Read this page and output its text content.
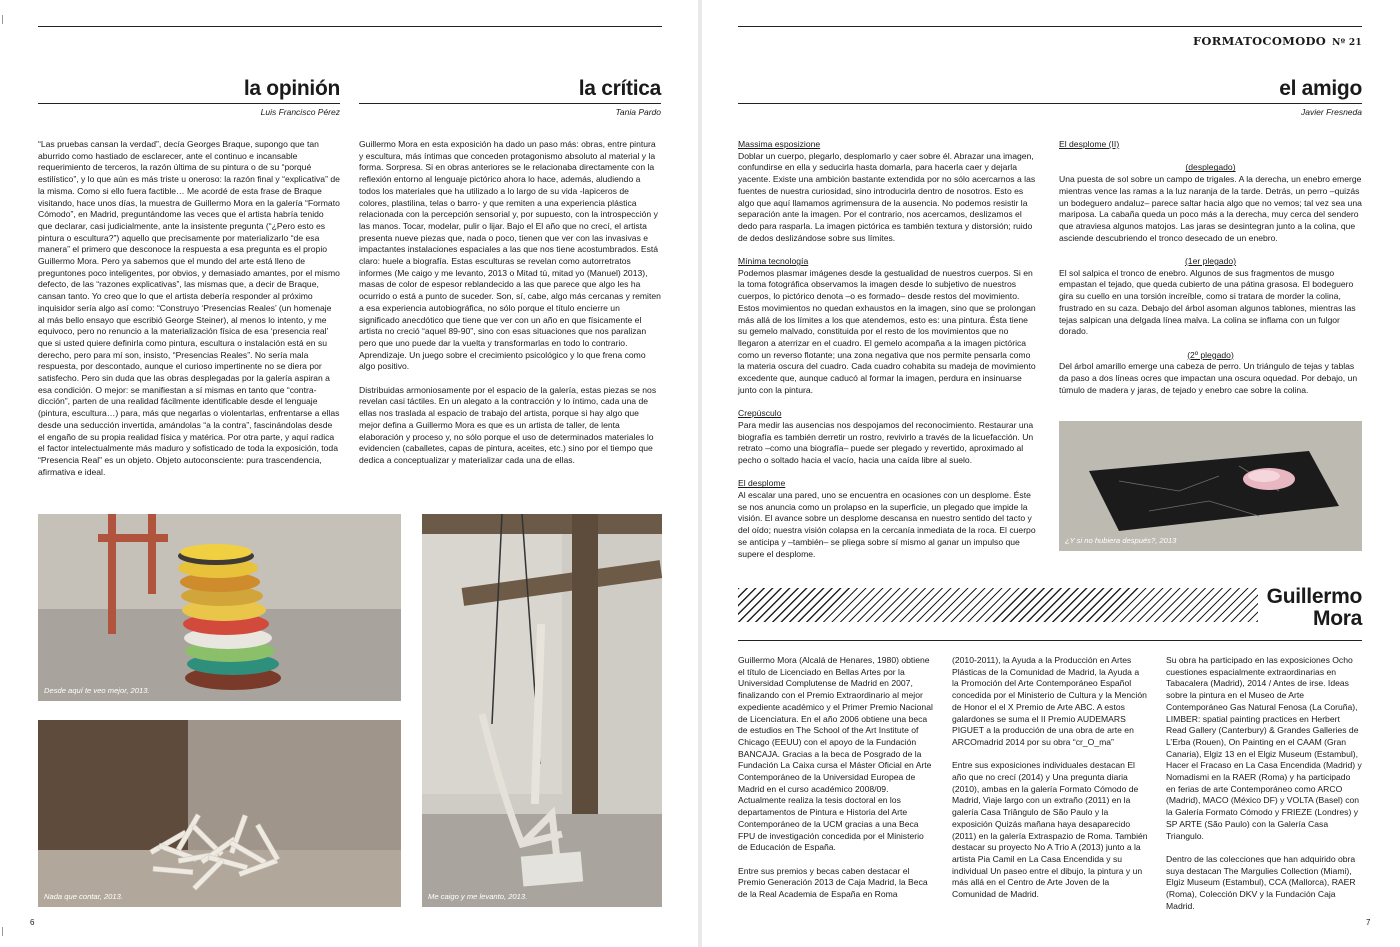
la opinión
Luis Francisco Pérez

“Las pruebas cansan la verdad”, decía Georges Braque, supongo que tan aburrido como hastiado de esclarecer, ante el continuo e incansable requerimiento de terceros, la razón última de su pintura o de su “porqué estilístico”, y lo que aún es más triste u oneroso: la razón final y “explicativa” de la misma. Como si ello fuera factible… Me acordé de esta frase de Braque visitando, hace unos días, la muestra de Guillermo Mora en la galería “Formato Cómodo”, en Madrid, preguntándome las veces que el artista habría tenido que declarar, casi judicialmente, ante la insistente pregunta (“¿Pero esto es pintura o escultura?”) aquello que precisamente por materializarlo “de esa manera” el primero que desconoce la respuesta a esa pregunta es el propio Guillermo Mora. Pero ya sabemos que el mundo del arte está lleno de preguntones poco inteligentes, por obvios, y demasiado amantes, por el mismo defecto, de las “razones explicativas”, las mismas que, a decir de Braque, cansan tanto. Yo creo que lo que el artista debería responder al próximo inquisidor sería algo así como: “Construyo ‘Presencias Reales’ (un homenaje al más bello ensayo que escribió George Steiner), al menos lo intento, y me equivoco, pero no renuncio a la materialización física de esa ‘presencia real’ que si usted quiere definirla como pintura, escultura o instalación está en su derecho, pero para mí son, insisto, “Presencias Reales”. No sería mala respuesta, por descontado, aunque el curioso impertinente no se diera por satisfecho. Pero sin duda que las obras desplegadas por la galería aspiran a esa condición. O mejor: se manifiestan a sí mismas en tanto que “contra-dicción”, parten de una realidad fácilmente identificable desde el lenguaje (pintura, escultura…) para, más que negarlas o violentarlas, enfrentarse a ellas desde una seducción invertida, amándolas “a la contra”, fascinándolas desde el engaño de su propia realidad física y matérica. Por otra parte, y aquí radica el factor intelectualmente más maduro y sofisticado de toda la exposición, toda “Presencia Real” es un objeto. Objeto autoconsciente: pura trascendencia, afirmativa e ideal.

la crítica
Tania Pardo

Guillermo Mora en esta exposición ha dado un paso más: obras, entre pintura y escultura, más íntimas que conceden protagonismo absoluto al material y la forma. Sorpresa. Si en obras anteriores se le relacionaba directamente con la reflexión entorno al lenguaje pictórico ahora lo hace, además, aludiendo a todos los materiales que ha utilizado a lo largo de su vida -lapiceros de colores, plastilina, telas o barro- y que remiten a una experiencia plástica relacionada con la percepción sensorial y, por supuesto, con la introspección y las manos. Tocar, modelar, pulir o lijar. Bajo el El año que no crecí, el artista presenta nueve piezas que, nada o poco, tienen que ver con las invasivas e impactantes instalaciones espaciales a las que nos tiene acostumbrados. Está claro: huele a biografía. Estas esculturas se revelan como autorretratos informes (Me caigo y me levanto, 2013 o Mitad tú, mitad yo (Manuel) 2013), masas de color de espesor reblandecido a las que parece que algo les ha ocurrido o está a punto de suceder. Son, sí, cabe, algo más cercanas y remiten a esa experiencia autobiográfica, no sólo porque el título encierre un significado anecdótico que tiene que ver con un año en que físicamente el artista no creció “aquel 89-90”, sino con esas situaciones que nos paralizan pero que uno puede dar la vuelta y transformarlas en todo lo contrario. Aprendizaje. Un juego sobre el crecimiento psicológico y lo que frena como algo positivo.

Distribuidas armoniosamente por el espacio de la galería, estas piezas se nos revelan casi táctiles. En un alegato a la contracción y lo íntimo, cada una de ellas nos traslada al espacio de trabajo del artista, porque si hay algo que mejor defina a Guillermo Mora es que es un artista de taller, de lenta elaboración y proceso y, no sólo porque el uso de determinados materiales lo evidencien (caballetes, capas de pintura, aceites, etc.) sino por el tiempo que dedica a conceptualizar y materializar cada una de ellas.

Desde aquí te veo mejor, 2013.
Nada que contar, 2013.	Me caigo y me levanto, 2013.
6
FORMATOCOMODO Nº 21
el amigo
Javier Fresneda

Massima esposizione
Doblar un cuerpo, plegarlo, desplomarlo y caer sobre él. Abrazar una imagen, confundirse en ella y seducirla hasta domarla, para hacerla caer y dejarla yacente. Existe una ambición bastante extendida por no sólo acercarnos a las fuentes de nuestra curiosidad, sino introducirla dentro de nosotros. Esto es algo que aquí llamamos agrimensura de la ausencia. No podemos resistir la separación ante la imagen. Por el contrario, nos acercamos, deslizamos el dedo para rasparla. La imagen pictórica es también textura y distorsión; ruido de dedos deslizándose sobre sus límites.

Mínima tecnología
Podemos plasmar imágenes desde la gestualidad de nuestros cuerpos. Si en la toma fotográfica observamos la imagen desde lo subjetivo de nuestros cuerpos, lo pictórico denota –o es formado– desde restos del movimiento. Estos movimientos no quedan exhaustos en la imagen, sino que se prolongan más allá de los límites a los que atendemos, esto es: una pintura. Ésta tiene su gemelo malvado, constituida por el resto de los movimientos que no llegaron a aterrizar en el cuadro. El gemelo acompaña a la imagen pictórica como un reverso flotante; una zona negativa que nos permite pensarla como la materia oscura del cuadro. Cada cuadro cohabita su madeja de movimiento excedente que, aunque caducó al formar la imagen, perdura en insinuarse junto con la pintura.

Crepúsculo
Para medir las ausencias nos despojamos del reconocimiento. Restaurar una biografía es también derretir un rostro, revivirlo a través de la licuefacción. Un retrato –como una biografía– puede ser plegado y revertido, aproximado al pecho o soltado hacia el vacío, hacia una caída libre al suelo.

El desplome
Al escalar una pared, uno se encuentra en ocasiones con un desplome. Éste se nos anuncia como un prolapso en la superficie, un plegado que impide la visión. El avance sobre un desplome descansa en nuestro sentido del tacto y del oído; nuestra visión colapsa en la cercanía inmediata de la roca. El cuerpo se anticipa y –también– se pliega sobre sí mismo al ganar un impulso que supere el desplome.

El desplome (II)

(desplegado)
Una puesta de sol sobre un campo de trigales. A la derecha, un enebro emerge mientras vence las ramas a la luz naranja de la tarde. Detrás, un perro –quizás un bodeguero andaluz– parece saltar hacia algo que no vemos; tal vez sea una mariposa. La cabaña queda un poco más a la derecha, muy cerca del sendero que atraviesa algunos matojos. Las jaras se desintegran junto a la colina, que asciende descubriendo el tronco desecado de un enebro.

(1er plegado)
El sol salpica el tronco de enebro. Algunos de sus fragmentos de musgo empastan el tejado, que queda cubierto de una pátina grasosa. El bodeguero gira su cuello en una torsión increíble, como si tratara de morder la colina, frustrado en su caza. Debajo del árbol asoman algunos tablones, mientras las tejas salpican una delgada línea malva. La colina se inflama con un fulgor dorado.

(2º plegado)
Del árbol amarillo emerge una cabeza de perro. Un triángulo de tejas y tablas da paso a dos líneas ocres que impactan una oscura oquedad. Por debajo, un túmulo de madera y jaras, de tejado y enebro cae sobre la colina.

¿Y si no hubiera después?, 2013
Guillermo
Mora

Guillermo Mora (Alcalá de Henares, 1980) obtiene el título de Licenciado en Bellas Artes por la Universidad Complutense de Madrid en 2007, finalizando con el Premio Extraordinario al mejor expediente académico y el Primer Premio Nacional de Licenciatura. En el año 2006 obtiene una beca de estudios en The School of the Art Institute of Chicago (EEUU) con el apoyo de la Fundación BANCAJA. Gracias a la beca de Posgrado de la Fundación La Caixa cursa el Máster Oficial en Arte Contemporáneo de la Universidad Europea de Madrid en el curso académico 2008/09. Actualmente realiza la tesis doctoral en los departamentos de Pintura e Historia del Arte Contemporáneo de la UCM gracias a una Beca FPU de investigación concedida por el Ministerio de Educación de España.

Entre sus premios y becas caben destacar el Premio Generación 2013 de Caja Madrid, la Beca de la Real Academia de España en Roma

(2010-2011), la Ayuda a la Producción en Artes Plásticas de la Comunidad de Madrid, la Ayuda a la Promoción del Arte Contemporáneo Español concedida por el Ministerio de Cultura y la Mención de Honor el el X Premio de Arte ABC. A estos galardones se suma el II Premio AUDEMARS PIGUET a la producción de una obra de arte en ARCOmadrid 2014 por su obra “cr_O_ma”

Entre sus exposiciones individuales destacan El año que no crecí (2014) y Una pregunta diaria (2010), ambas en la galería Formato Cómodo de Madrid, Viaje largo con un extraño (2011) en la galería Casa Triângulo de São Paulo y la exposición Quizás mañana haya desaparecido (2011) en la galería Extraspazio de Roma. También destacar su proyecto No A Trio A (2013) junto a la artista Pia Camil en La Casa Encendida y su individual Un paseo entre el dibujo, la pintura y un más allá en el Centro de Arte Joven de la Comunidad de Madrid.

Su obra ha participado en las exposiciones Ocho cuestiones espacialmente extraordinarias en Tabacalera (Madrid), 2014 / Antes de irse. Ideas sobre la pintura en el Museo de Arte Contemporáneo Gas Natural Fenosa (La Coruña), LIMBER: spatial painting practices en Herbert Read Gallery (Canterbury) & Grandes Galleries de L’Erba (Rouen), On Painting en el CAAM (Gran Canaria), Elgiz 13 en el Elgiz Museum (Estambul), Hacer el Fracaso en La Casa Encendida (Madrid) y Nomadismi en la RAER (Roma) y ha participado en ferias de arte Contemporáneo como ARCO (Madrid), MACO (México DF) y VOLTA (Basel) con la Galería Formato Cómodo y FRIEZE (Londres) y SP ARTE (São Paulo) con la Galería Casa Triangulo.

Dentro de las colecciones que han adquirido obra suya destacan The Margulies Collection (Miami), Elgiz Museum (Estambul), CCA (Mallorca), RAER (Roma), Colección DKV y la Fundación Caja Madrid.

7
